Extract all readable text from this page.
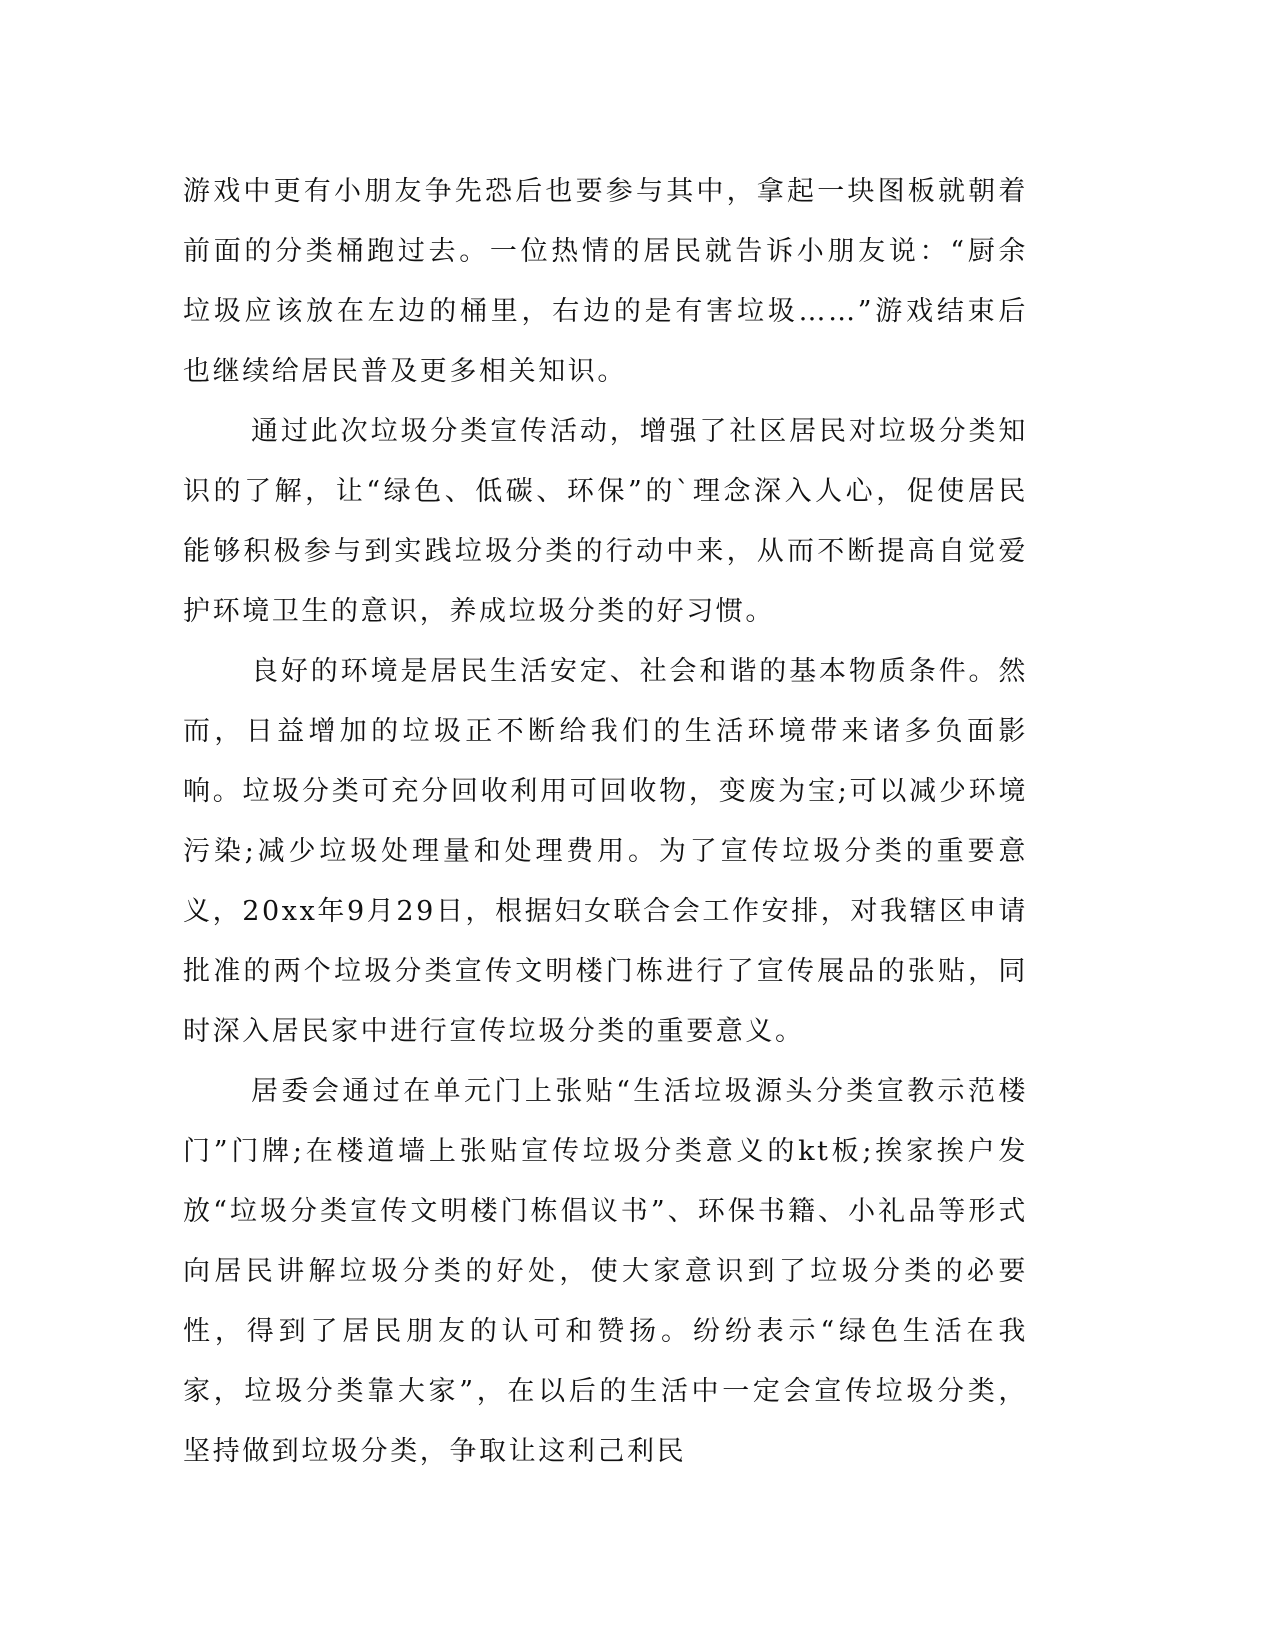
游戏中更有小朋友争先恐后也要参与其中，拿起一块图板就朝着前面的分类桶跑过去。一位热情的居民就告诉小朋友说：“厨余垃圾应该放在左边的桶里，右边的是有害垃圾……”游戏结束后也继续给居民普及更多相关知识。

通过此次垃圾分类宣传活动，增强了社区居民对垃圾分类知识的了解，让“绿色、低碳、环保”的`理念深入人心，促使居民能够积极参与到实践垃圾分类的行动中来，从而不断提高自觉爱护环境卫生的意识，养成垃圾分类的好习惯。

良好的环境是居民生活安定、社会和谐的基本物质条件。然而，日益增加的垃圾正不断给我们的生活环境带来诸多负面影响。垃圾分类可充分回收利用可回收物，变废为宝;可以减少环境污染;减少垃圾处理量和处理费用。为了宣传垃圾分类的重要意义，20xx年9月29日，根据妇女联合会工作安排，对我辖区申请批准的两个垃圾分类宣传文明楼门栋进行了宣传展品的张贴，同时深入居民家中进行宣传垃圾分类的重要意义。

居委会通过在单元门上张贴“生活垃圾源头分类宣教示范楼门”门牌;在楼道墙上张贴宣传垃圾分类意义的kt板;挨家挨户发放“垃圾分类宣传文明楼门栋倡议书”、环保书籍、小礼品等形式向居民讲解垃圾分类的好处，使大家意识到了垃圾分类的必要性，得到了居民朋友的认可和赞扬。纷纷表示“绿色生活在我家，垃圾分类靠大家”，在以后的生活中一定会宣传垃圾分类，坚持做到垃圾分类，争取让这利己利民
